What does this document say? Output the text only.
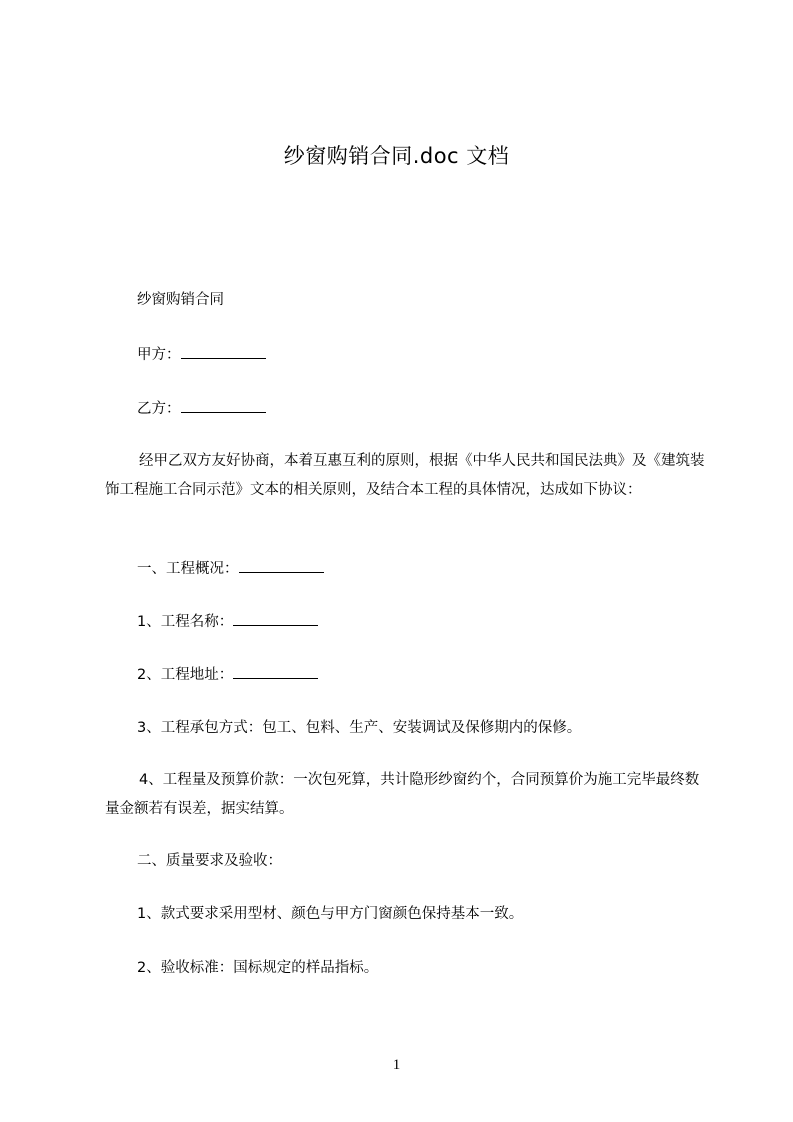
纱窗购销合同.doc 文档
纱窗购销合同
甲方：
乙方：
经甲乙双方友好协商，本着互惠互利的原则，根据《中华人民共和国民法典》及《建筑装饰工程施工合同示范》文本的相关原则，及结合本工程的具体情况，达成如下协议：
一、工程概况：
1、工程名称：
2、工程地址：
3、工程承包方式：包工、包料、生产、安装调试及保修期内的保修。
4、工程量及预算价款：一次包死算，共计隐形纱窗约个，合同预算价为施工完毕最终数量金额若有误差，据实结算。
二、质量要求及验收：
1、款式要求采用型材、颜色与甲方门窗颜色保持基本一致。
2、验收标准：国标规定的样品指标。
1
